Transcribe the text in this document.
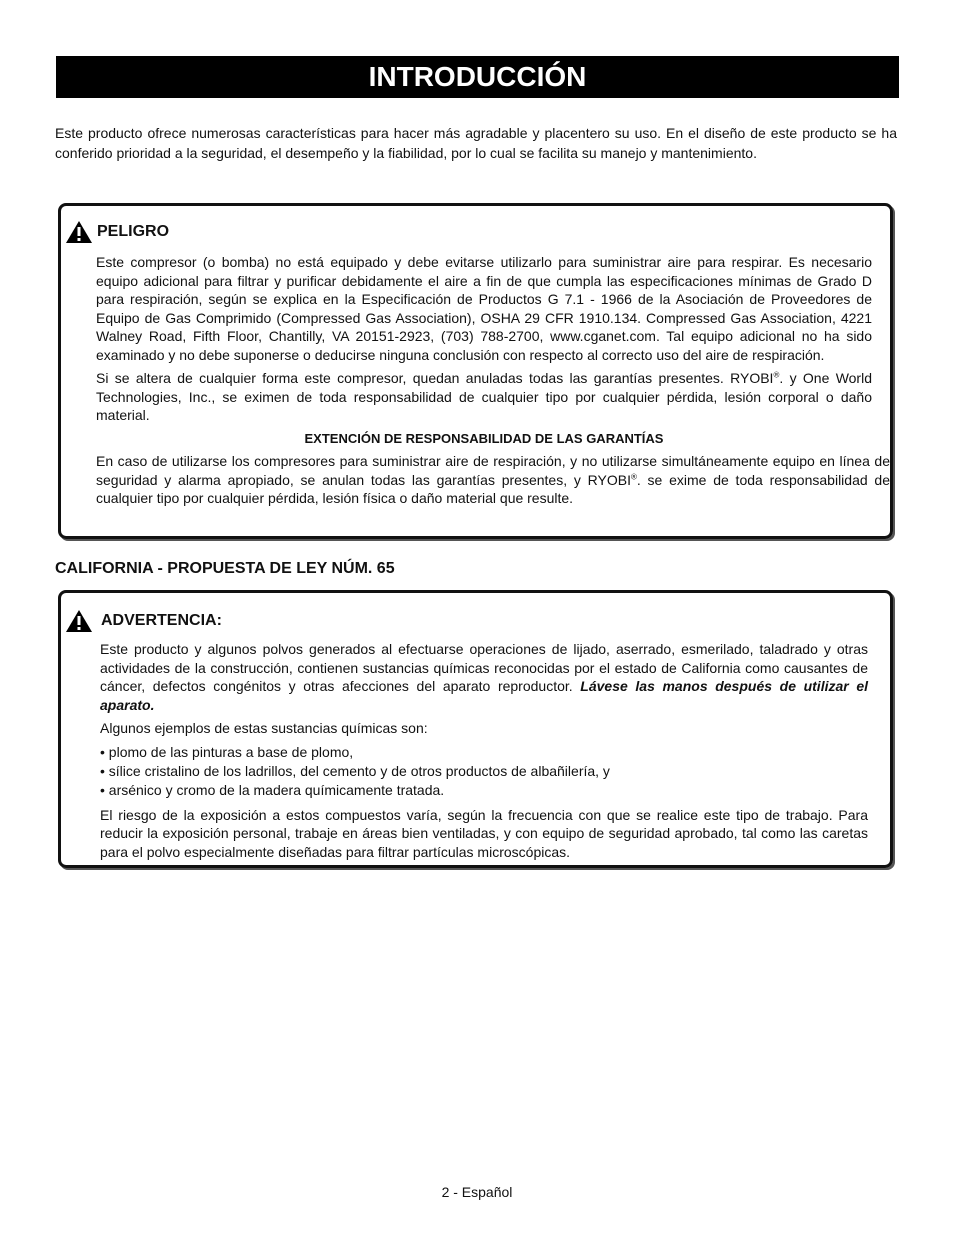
INTRODUCCIÓN

Este producto ofrece numerosas características para hacer más agradable y placentero su uso. En el diseño de este producto se ha conferido prioridad a la seguridad, el desempeño y la fiabilidad, por lo cual se facilita su manejo y mantenimiento.

PELIGRO

Este compresor (o bomba) no está equipado y debe evitarse utilizarlo para suministrar aire para respirar. Es necesario equipo adicional para filtrar y purificar debidamente el aire a fin de que cumpla las especificaciones mínimas de Grado D para respiración, según se explica en la Especificación de Productos G 7.1 - 1966 de la Asociación de Proveedores de Equipo de Gas Comprimido (Compressed Gas Association), OSHA 29 CFR 1910.134. Compressed Gas Association, 4221 Walney Road, Fifth Floor, Chantilly, VA 20151-2923, (703) 788-2700, www.cganet.com. Tal equipo adicional no ha sido examinado y no debe suponerse o deducirse ninguna conclusión con respecto al correcto uso del aire de respiración.

Si se altera de cualquier forma este compresor, quedan anuladas todas las garantías presentes. RYOBI®. y One World Technologies, Inc., se eximen de toda responsabilidad de cualquier tipo por cualquier pérdida, lesión corporal o daño material.

EXTENCIÓN DE RESPONSABILIDAD DE LAS GARANTÍAS

En caso de utilizarse los compresores para suministrar aire de respiración, y no utilizarse simultáneamente equipo en línea de seguridad y alarma apropiado, se anulan todas las garantías presentes, y RYOBI®. se exime de toda responsabilidad de cualquier tipo por cualquier pérdida, lesión física o daño material que resulte.

CALIFORNIA - PROPUESTA DE LEY NÚM. 65
ADVERTENCIA:

Este producto y algunos polvos generados al efectuarse operaciones de lijado, aserrado, esmerilado, taladrado y otras actividades de la construcción, contienen sustancias químicas reconocidas por el estado de California como causantes de cáncer, defectos congénitos y otras afecciones del aparato reproductor. Lávese las manos después de utilizar el aparato.

Algunos ejemplos de estas sustancias químicas son:

• plomo de las pinturas a base de plomo,
• sílice cristalino de los ladrillos, del cemento y de otros productos de albañilería, y
• arsénico y cromo de la madera químicamente tratada.

El riesgo de la exposición a estos compuestos varía, según la frecuencia con que se realice este tipo de trabajo. Para reducir la exposición personal, trabaje en áreas bien ventiladas, y con equipo de seguridad aprobado, tal como las caretas para el polvo especialmente diseñadas para filtrar partículas microscópicas.

2 - Español
